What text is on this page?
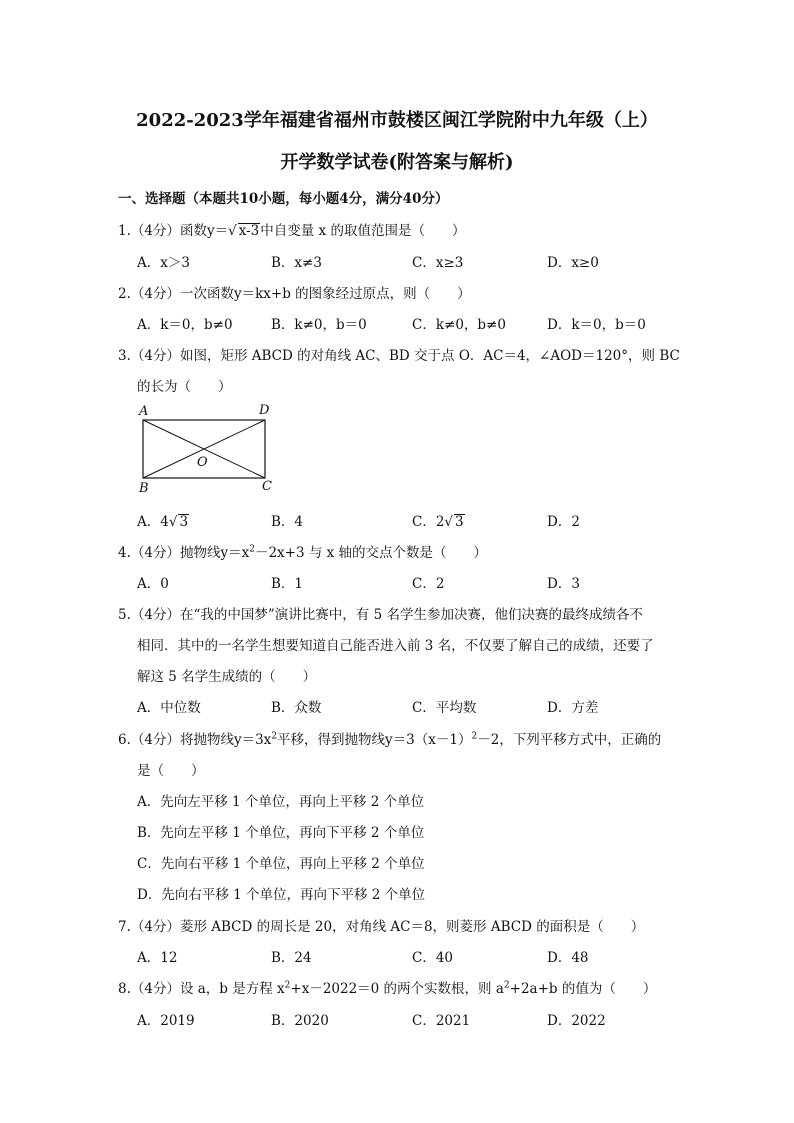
2022-2023学年福建省福州市鼓楼区闽江学院附中九年级（上）
开学数学试卷(附答案与解析)
一、选择题（本题共10小题，每小题4分，满分40分）
1.（4分）函数y＝√ x-3中自变量 x 的取值范围是（　　）
A．x＞3	B．x≠3	C．x≥3	D．x≥0
2.（4分）一次函数y＝kx+b 的图象经过原点，则（　　）
A．k＝0，b≠0	B．k≠0，b＝0	C．k≠0，b≠0	D．k＝0，b＝0
3.（4分）如图，矩形 ABCD 的对角线 AC、BD 交于点 O．AC＝4，∠AOD＝120°，则 BC
的长为（　　）
A	D
O
B	C
A．4√ 3	B．4	C．2√ 3	D．2
4.（4分）抛物线$y=x^2-2x+3$ 与 x 轴的交点个数是（　　）
A．0	B．1	C．2	D．3
5.（4分）在“我的中国梦”演讲比赛中，有 5 名学生参加决赛，他们决赛的最终成绩各不
相同．其中的一名学生想要知道自己能否进入前 3 名，不仅要了解自己的成绩，还要了
解这 5 名学生成绩的（　　）
A．中位数	B．众数	C．平均数	D．方差
6.（4分）将抛物线$y=3x^2$平移，得到抛物线$y=3(x-1)^2-2$，下列平移方式中，正确的
是（　　）
A．先向左平移 1 个单位，再向上平移 2 个单位
B．先向左平移 1 个单位，再向下平移 2 个单位
C．先向右平移 1 个单位，再向上平移 2 个单位
D．先向右平移 1 个单位，再向下平移 2 个单位
7.（4分）菱形 ABCD 的周长是 20，对角线 AC＝8，则菱形 ABCD 的面积是（　　）
A．12	B．24	C．40	D．48
8.（4分）设 a，b 是方程 $x^2+x-2022=0$ 的两个实数根，则 $a^2+2a+b$ 的值为（　　）
A．2019	B．2020	C．2021	D．2022
